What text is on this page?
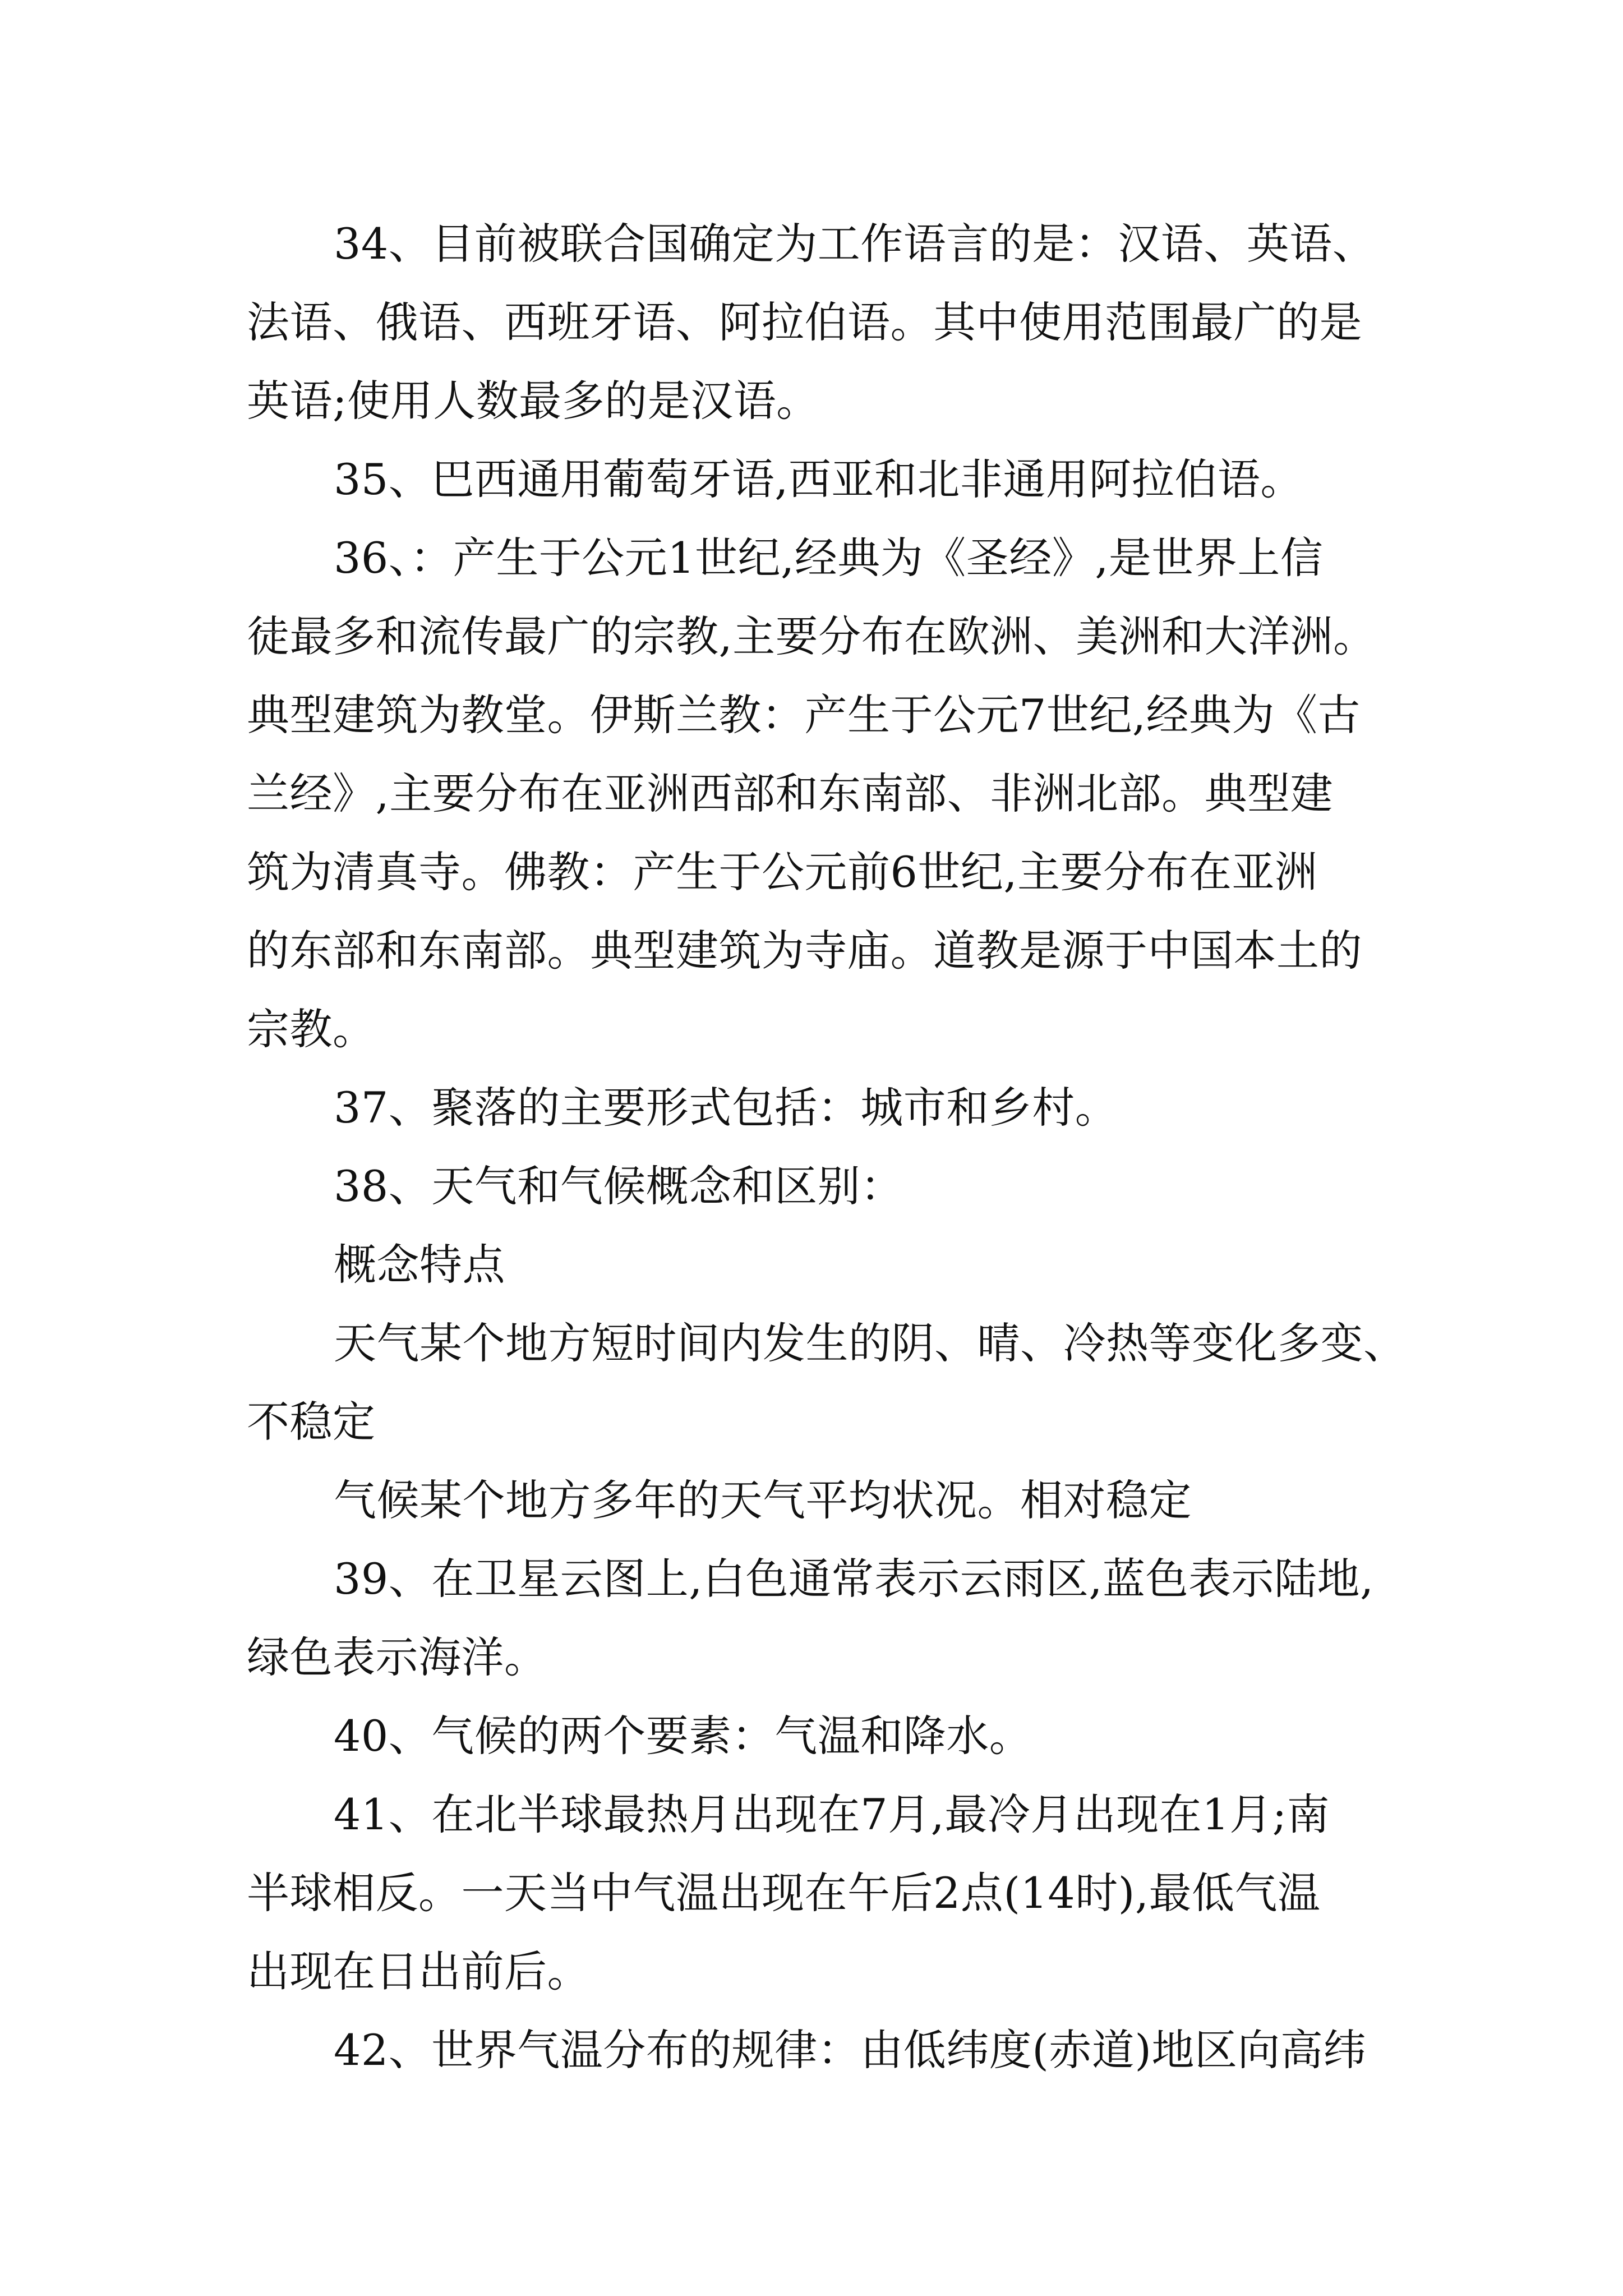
34、目前被联合国确定为工作语言的是：汉语、英语、

法语、俄语、西班牙语、阿拉伯语。其中使用范围最广的是

英语;使用人数最多的是汉语。

35、巴西通用葡萄牙语,西亚和北非通用阿拉伯语。

36、：产生于公元1世纪,经典为《圣经》,是世界上信

徒最多和流传最广的宗教,主要分布在欧洲、美洲和大洋洲。

典型建筑为教堂。伊斯兰教：产生于公元7世纪,经典为《古

兰经》,主要分布在亚洲西部和东南部、非洲北部。典型建

筑为清真寺。佛教：产生于公元前6世纪,主要分布在亚洲

的东部和东南部。典型建筑为寺庙。道教是源于中国本土的

宗教。

37、聚落的主要形式包括：城市和乡村。

38、天气和气候概念和区别：

概念特点

天气某个地方短时间内发生的阴、晴、冷热等变化多变、

不稳定

气候某个地方多年的天气平均状况。相对稳定

39、在卫星云图上,白色通常表示云雨区,蓝色表示陆地,

绿色表示海洋。

40、气候的两个要素：气温和降水。

41、在北半球最热月出现在7月,最冷月出现在1月;南

半球相反。一天当中气温出现在午后2点(14时),最低气温

出现在日出前后。

42、世界气温分布的规律：由低纬度(赤道)地区向高纬
